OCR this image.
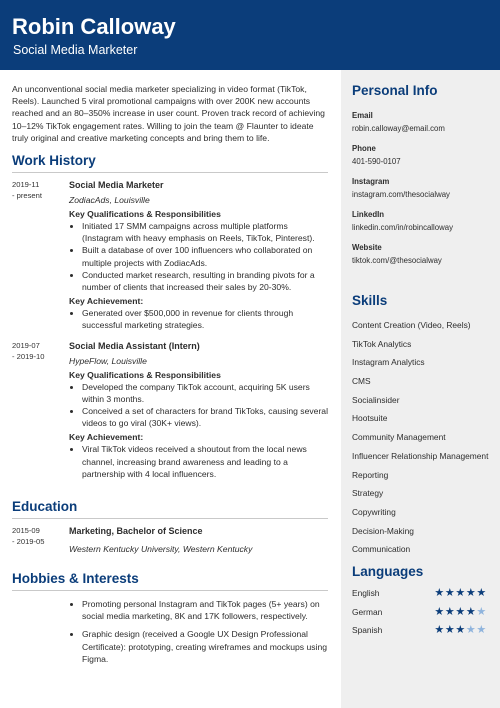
Robin Calloway
Social Media Marketer
Personal Info
Email
robin.calloway@email.com
Phone
401-590-0107
Instagram
instagram.com/thesocialway
LinkedIn
linkedin.com/in/robincalloway
Website
tiktok.com/@thesocialway
Skills
Content Creation (Video, Reels)
TikTok Analytics
Instagram Analytics
CMS
Socialinsider
Hootsuite
Community Management
Influencer Relationship Management
Reporting
Strategy
Copywriting
Decision-Making
Communication
Languages
English	★★★★★
German	★★★★★
Spanish	★★★★★

An unconventional social media marketer specializing in video format (TikTok, Reels). Launched 5 viral promotional campaigns with over 200K new accounts reached and an 80–350% increase in user count. Proven track record of achieving 10–12% TikTok engagement rates. Willing to join the team @ Flaunter to ideate truly original and creative marketing concepts and bring them to life.

Work History
2019-11
- present
Social Media Marketer
ZodiacAds, Louisville
Key Qualifications & Responsibilities
• Initiated 17 SMM campaigns across multiple platforms (Instagram with heavy emphasis on Reels, TikTok, Pinterest).
• Built a database of over 100 influencers who collaborated on multiple projects with ZodiacAds.
• Conducted market research, resulting in branding pivots for a number of clients that increased their sales by 20-30%.
Key Achievement:
• Generated over $500,000 in revenue for clients through successful marketing strategies.
2019-07
- 2019-10
Social Media Assistant (Intern)
HypeFlow, Louisville
Key Qualifications & Responsibilities
• Developed the company TikTok account, acquiring 5K users within 3 months.
• Conceived a set of characters for brand TikToks, causing several videos to go viral (30K+ views).
Key Achievement:
• Viral TikTok videos received a shoutout from the local news channel, increasing brand awareness and leading to a partnership with 4 local influencers.
Education
2015-09
- 2019-05
Marketing, Bachelor of Science
Western Kentucky University, Western Kentucky
Hobbies & Interests
• Promoting personal Instagram and TikTok pages (5+ years) on social media marketing, 8K and 17K followers, respectively.
• Graphic design (received a Google UX Design Professional Certificate): prototyping, creating wireframes and mockups using Figma.
